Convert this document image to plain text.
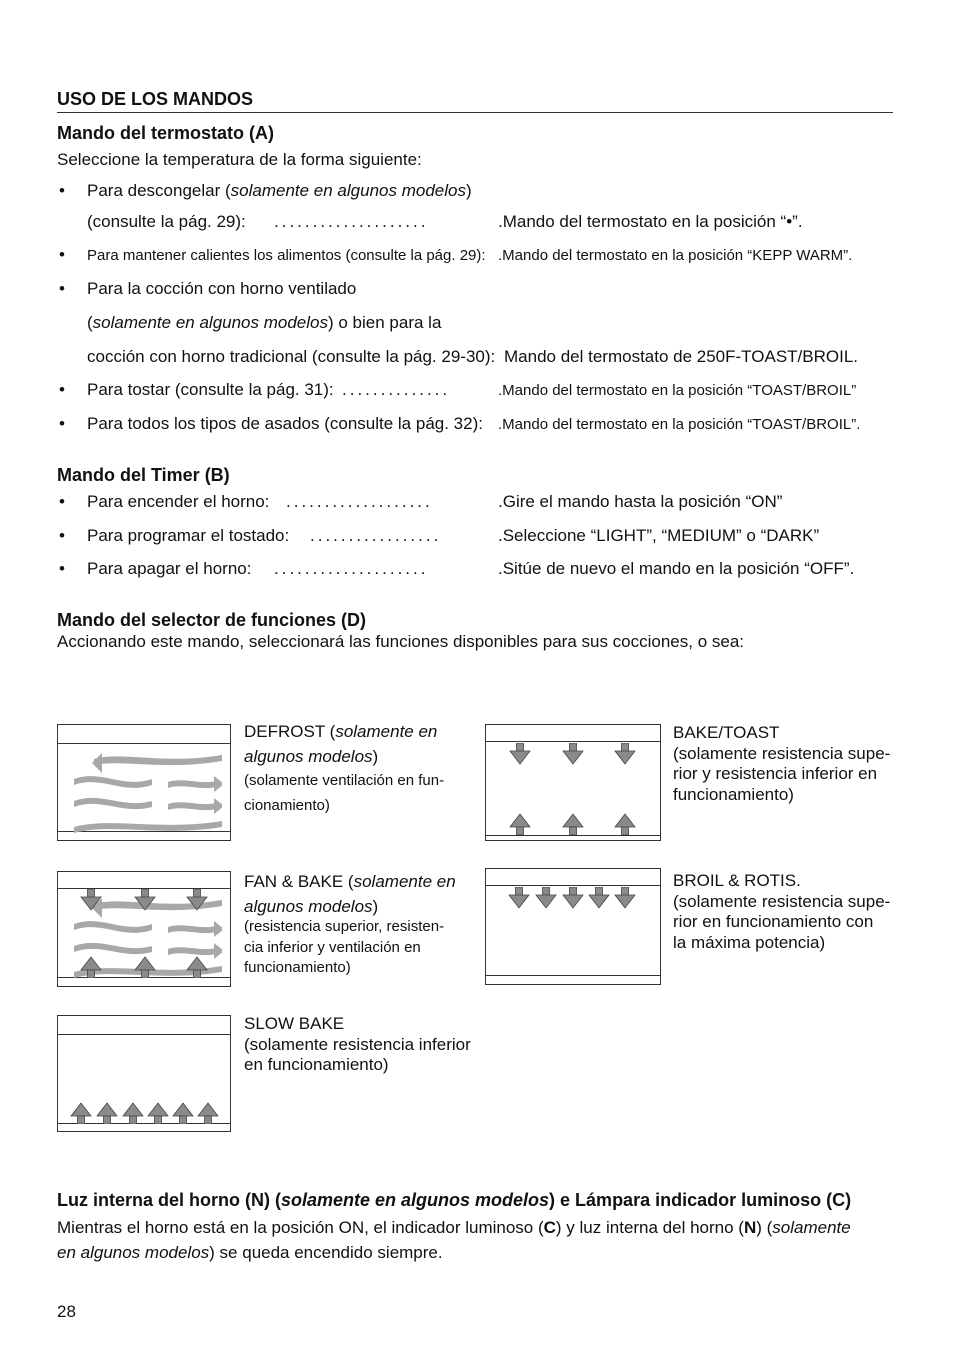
USO DE LOS MANDOS
Mando del termostato (A)
Seleccione la temperatura de la forma siguiente:
• Para descongelar (solamente en algunos modelos)
(consulte la pág. 29): ....................	.Mando del termostato en la posición “•”.
• Para mantener calientes los alimentos (consulte la pág. 29): .Mando del termostato en la posición “KEPP WARM”.
• Para la cocción con horno ventilado
(solamente en algunos modelos) o bien para la
cocción con horno tradicional (consulte la pág. 29-30): Mando del termostato de 250F-TOAST/BROIL.
• Para tostar (consulte la pág. 31): ..............	.Mando del termostato en la posición “TOAST/BROIL”
• Para todos los tipos de asados (consulte la pág. 32): .Mando del termostato en la posición “TOAST/BROIL”.
Mando del Timer (B)
• Para encender el horno: ...................	.Gire el mando hasta la posición “ON”
• Para programar el tostado: .................	.Seleccione “LIGHT”, “MEDIUM” o “DARK”
• Para apagar el horno: ....................	.Sitúe de nuevo el mando en la posición “OFF”.
Mando del selector de funciones (D)
Accionando este mando, seleccionará las funciones disponibles para sus cocciones, o sea:
DEFROST (solamente en
algunos modelos)
(solamente ventilación en fun-
cionamiento)
BAKE/TOAST
(solamente resistencia supe-
rior y resistencia inferior en
funcionamiento)
FAN & BAKE (solamente en
algunos modelos)
(resistencia superior, resisten-
cia inferior y ventilación en
funcionamiento)
BROIL & ROTIS.
(solamente resistencia supe-
rior en funcionamiento con
la máxima potencia)
SLOW BAKE
(solamente resistencia inferior
en funcionamiento)
Luz interna del horno (N) (solamente en algunos modelos) e Lámpara indicador luminoso (C)
Mientras el horno está en la posición ON, el indicador luminoso (C) y luz interna del horno (N) (solamente
en algunos modelos) se queda encendido siempre.
28
